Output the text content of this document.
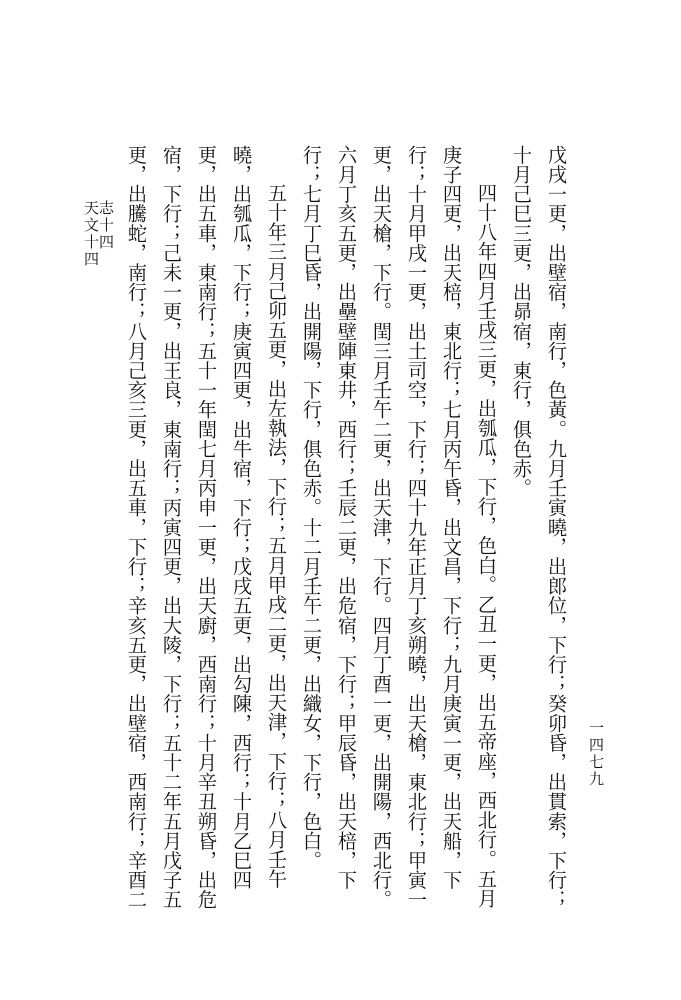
志十四
天文十四	戊戌一更，出壁宿，南行，色黃。九月壬寅曉，出郎位，下行；癸卯昏，出貫索，下行；十月己巳三更，出昴宿，東行，俱色赤。

四十八年四月壬戌三更，出瓠瓜，下行，色白。乙丑一更，出五帝座，西北行。五月庚子四更，出天棓，東北行；七月丙午昏，出文昌，下行；九月庚寅一更，出天船，下行；十月甲戌一更，出土司空，下行；四十九年正月丁亥朔曉，出天槍，東北行；甲寅一更，出天槍，下行。閏三月壬午二更，出天津，下行。四月丁酉一更，出開陽，西北行。六月丁亥五更，出壘壁陣東井，西行；壬辰二更，出危宿，下行；甲辰昏，出天棓，下行；七月丁巳昏，出開陽，下行，俱色赤。十二月壬午二更，出織女，下行，色白。

五十年三月己卯五更，出左執法，下行；五月甲戌二更，出天津，下行；八月壬午曉，出瓠瓜，下行；庚寅四更，出牛宿，下行；戊戌五更，出勾陳，西行；十月乙巳四更，出五車，東南行；五十一年閏七月丙申一更，出天廚，西南行；十月辛丑朔昏，出危宿，下行；己未一更，出王良，東南行；丙寅四更，出大陵，下行；五十二年五月戊子五更，出騰蛇，南行；八月己亥三更，出五車，下行；辛亥五更，出壁宿，西南行；辛酉二

一四七九
